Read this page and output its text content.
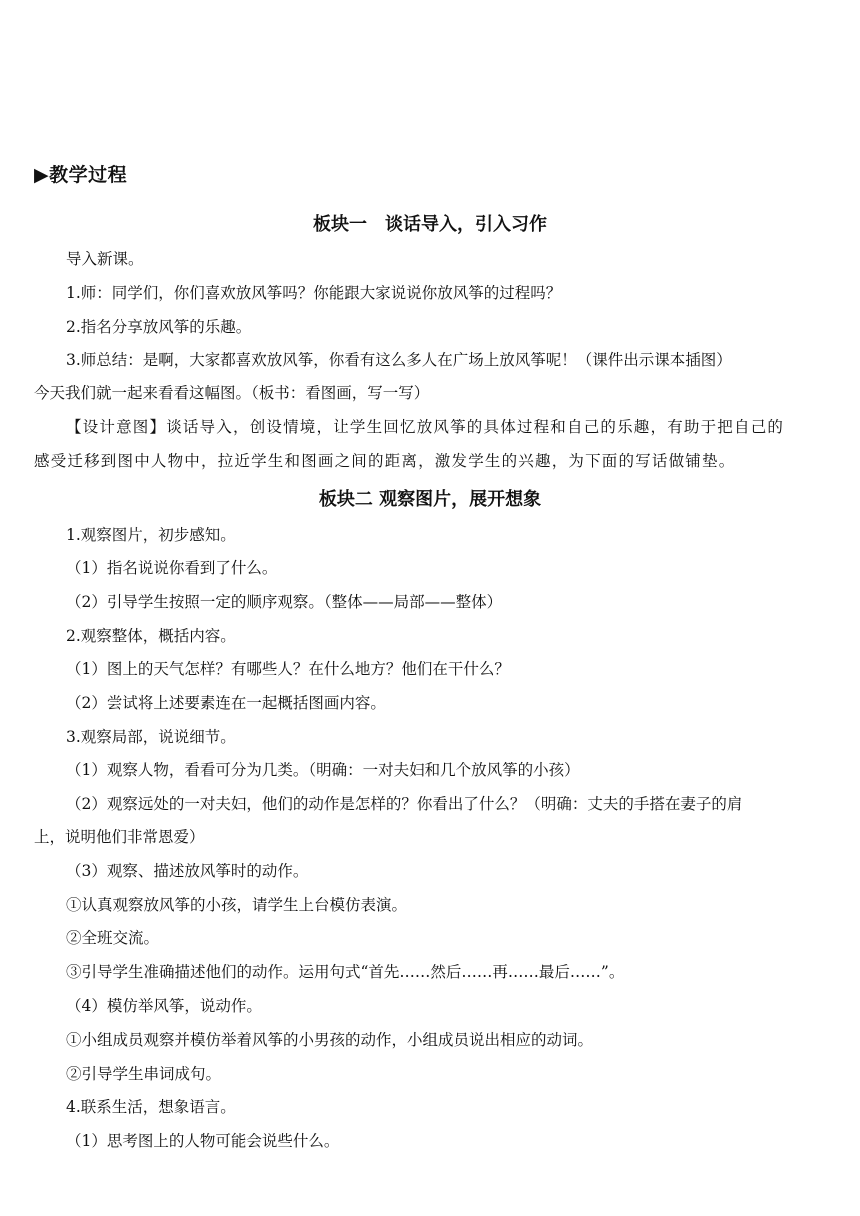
▶教学过程
板块一　谈话导入，引入习作
导入新课。
1.师：同学们，你们喜欢放风筝吗？你能跟大家说说你放风筝的过程吗？
2.指名分享放风筝的乐趣。
3.师总结：是啊，大家都喜欢放风筝，你看有这么多人在广场上放风筝呢！（课件出示课本插图）
今天我们就一起来看看这幅图。（板书：看图画，写一写）
【设计意图】谈话导入，创设情境，让学生回忆放风筝的具体过程和自己的乐趣，有助于把自己的
感受迁移到图中人物中，拉近学生和图画之间的距离，激发学生的兴趣，为下面的写话做铺垫。
板块二 观察图片，展开想象
1.观察图片，初步感知。
（1）指名说说你看到了什么。
（2）引导学生按照一定的顺序观察。（整体——局部——整体）
2.观察整体，概括内容。
（1）图上的天气怎样？有哪些人？在什么地方？他们在干什么？
（2）尝试将上述要素连在一起概括图画内容。
3.观察局部，说说细节。
（1）观察人物，看看可分为几类。（明确：一对夫妇和几个放风筝的小孩）
（2）观察远处的一对夫妇，他们的动作是怎样的？你看出了什么？（明确：丈夫的手搭在妻子的肩
上，说明他们非常恩爱）
（3）观察、描述放风筝时的动作。
①认真观察放风筝的小孩，请学生上台模仿表演。
②全班交流。
③引导学生准确描述他们的动作。运用句式“首先……然后……再……最后……”。
（4）模仿举风筝，说动作。
①小组成员观察并模仿举着风筝的小男孩的动作，小组成员说出相应的动词。
②引导学生串词成句。
4.联系生活，想象语言。
（1）思考图上的人物可能会说些什么。
